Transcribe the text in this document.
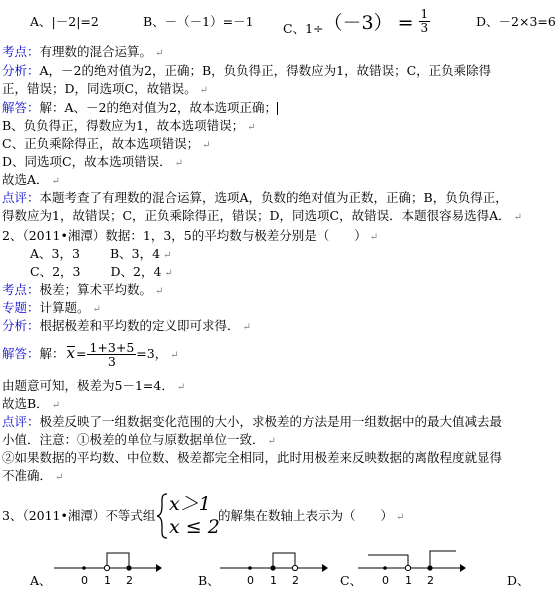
A、|－2|=2	B、－（－1）=－1 C、$1\div(-3) = \frac{1}{3}$	D、－2×3=6
考点：有理数的混合运算。 ↵
分析：A，－2的绝对值为2，正确；B，负负得正，得数应为1，故错误；C，正负乘除得
正，错误；D，同选项C，故错误。 ↵
解答：解：A、－2的绝对值为2，故本选项正确；
B、负负得正，得数应为1，故本选项错误； ↵
C、正负乘除得正，故本选项错误； ↵
D、同选项C，故本选项错误． ↵
故选A． ↵
点评：本题考查了有理数的混合运算，选项A，负数的绝对值为正数，正确；B，负负得正，
得数应为1，故错误；C，正负乘除得正，错误；D，同选项C，故错误．本题很容易选得A． ↵
2、（2011•湘潭）数据：1，3，5的平均数与极差分别是（　　） ↵
A、3，3 B、3，4 ↵
C、2，3 D、2，4 ↵
考点：极差；算术平均数。 ↵
专题：计算题。 ↵
分析：根据极差和平均数的定义即可求得． ↵
解答：解： $x= \frac{1+3+5}{3} =3$， ↵
由题意可知，极差为5－1=4． ↵
故选B． ↵
点评：极差反映了一组数据变化范围的大小，求极差的方法是用一组数据中的最大值减去最
小值．注意：①极差的单位与原数据单位一致． ↵
②如果数据的平均数、中位数、极差都完全相同，此时用极差来反映数据的离散程度就显得
不准确． ↵
3、（2011•湘潭）不等式组
x＞1
x ≤ 2
的解集在数轴上表示为（　　） ↵
A、	0 1 2	B、 0 1 2	C、 0 1 2	D、
